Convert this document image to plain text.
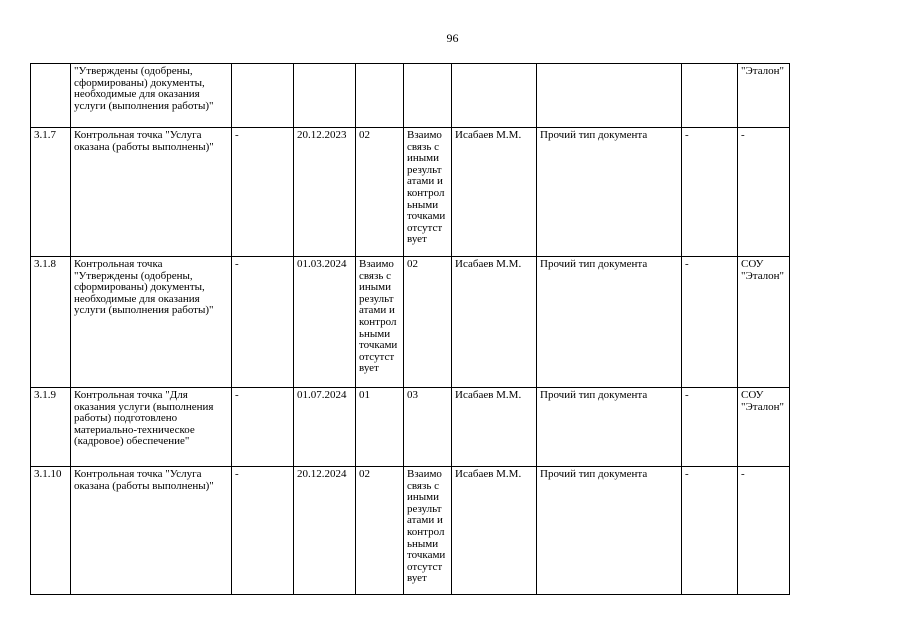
96
	"Утверждены (одобрены, сформированы) документы, необходимые для оказания услуги (выполнения работы)"								"Эталон"
3.1.7	Контрольная точка "Услуга оказана (работы выполнены)"	-	20.12.2023	02	Взаимо связь с иными результ атами и контрол ьными точками отсутст вует	Исабаев М.М.	Прочий тип документа	-	-
3.1.8	Контрольная точка "Утверждены (одобрены, сформированы) документы, необходимые для оказания услуги (выполнения работы)"	-	01.03.2024	Взаимо связь с иными результ атами и контрол ьными точками отсутст вует	02	Исабаев М.М.	Прочий тип документа	-	СОУ "Эталон"
3.1.9	Контрольная точка "Для оказания услуги (выполнения работы) подготовлено материально-техническое (кадровое) обеспечение"	-	01.07.2024	01	03	Исабаев М.М.	Прочий тип документа	-	СОУ "Эталон"
3.1.10	Контрольная точка "Услуга оказана (работы выполнены)"	-	20.12.2024	02	Взаимо связь с иными результ атами и контрол ьными точками отсутст вует	Исабаев М.М.	Прочий тип документа	-	-
